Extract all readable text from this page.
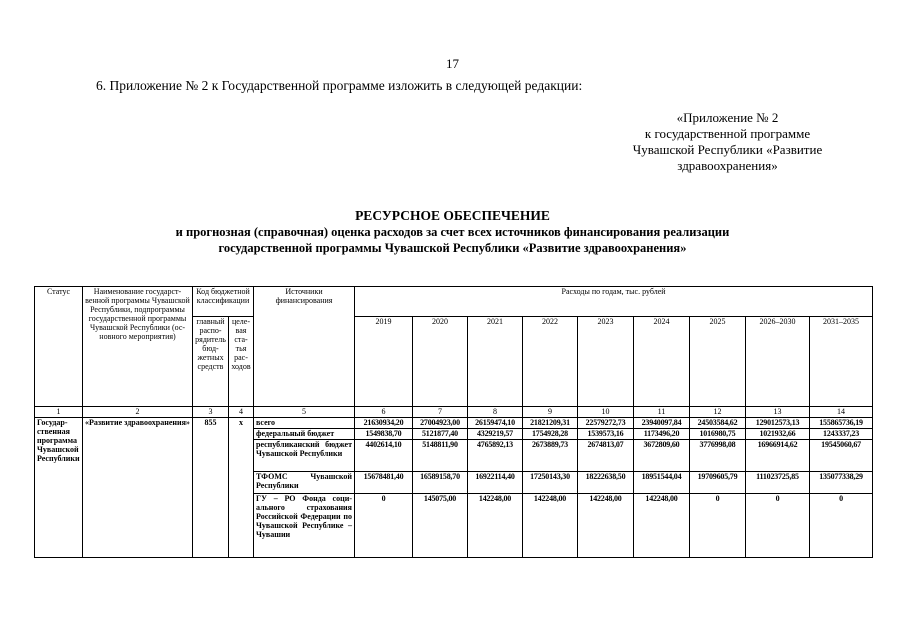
17
6. Приложение № 2 к Государственной программе изложить в следующей редакции:
«Приложение № 2
к государственной программе
Чувашской Республики «Развитие
здравоохранения»
РЕСУРСНОЕ ОБЕСПЕЧЕНИЕ
и прогнозная (справочная) оценка расходов за счет всех источников финансирования реализации
государственной программы Чувашской Республики «Развитие здравоохранения»
Статус	Наименование государственной программы Чувашской Республики, подпрограммы государственной программы Чувашской Республики (основного мероприятия)	Код бюджетной классификации		Источники финансирования	Расходы по годам, тыс. рублей								
		главный распорядитель бюджетных средств	целевая статья расходов		2019	2020	2021	2022	2023	2024	2025	2026–2030	2031–2035
1	2	3	4	5	6	7	8	9	10	11	12	13	14
Государственная программа Чувашской Республики	«Развитие здравоохранения»	855	х	всего	21630934,20	27004923,00	26159474,10	21821209,31	22579272,73	23940097,84	24503584,62	129012573,13	155865736,19
				федеральный бюджет	1549838,70	5121877,40	4329219,57	1754928,28	1539573,16	1173496,20	1016980,75	1021932,66	1243337,23
				республиканский бюджет Чувашской Республики	4402614,10	5148811,90	4765892,13	2673889,73	2674813,07	3672809,60	3776998,08	16966914,62	19545060,67
				ТФОМС Чувашской Республики	15678481,40	16589158,70	16922114,40	17250143,30	18222638,50	18951544,04	19709605,79	111023725,85	135077338,29
				ГУ – РО Фонда социального страхования Российской Федерации по Чувашской Республике – Чувашии	0	145075,00	142248,00	142248,00	142248,00	142248,00	0	0	0
